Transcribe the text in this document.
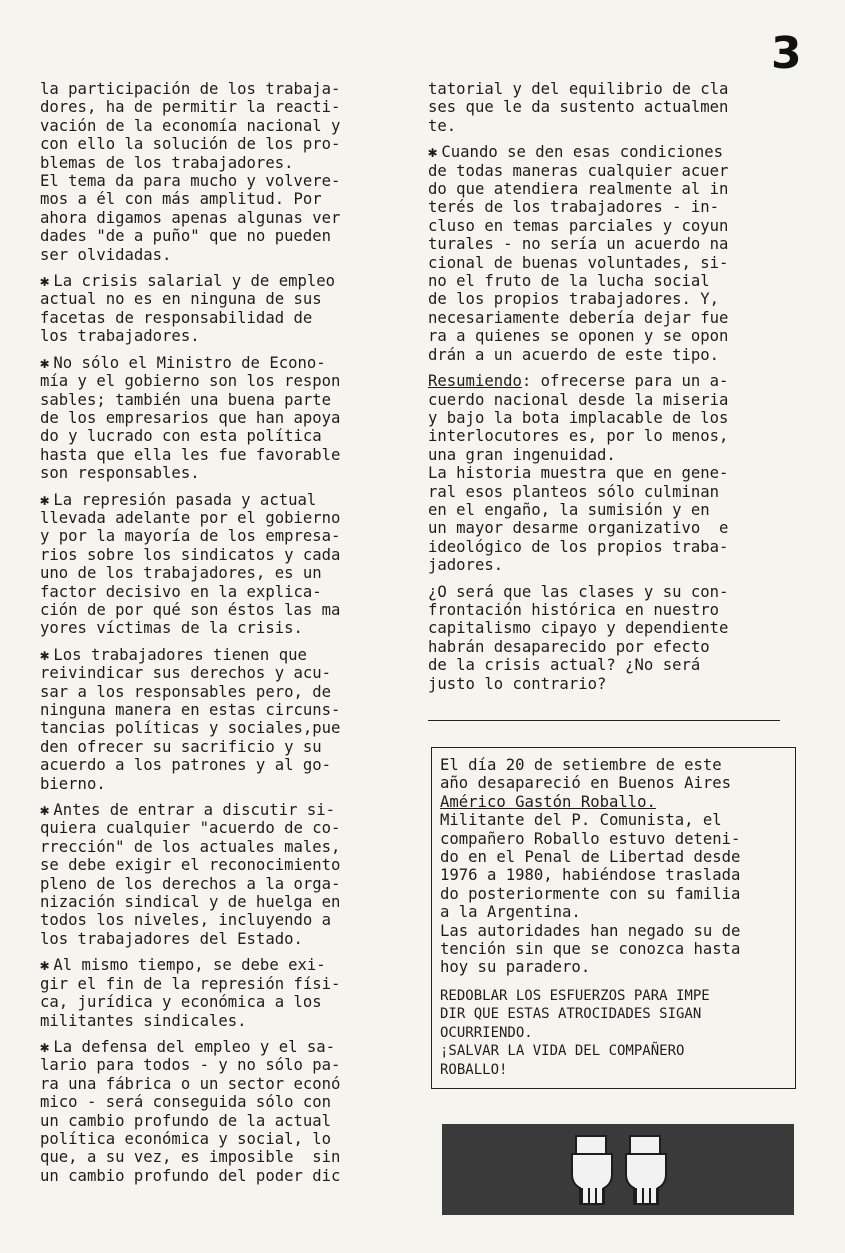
3

la participación de los trabaja-
dores, ha de permitir la reacti-
vación de la economía nacional y
con ello la solución de los pro-
blemas de los trabajadores.
El tema da para mucho y volvere-
mos a él con más amplitud. Por
ahora digamos apenas algunas ver
dades "de a puño" que no pueden
ser olvidadas.

✱ La crisis salarial y de empleo
actual no es en ninguna de sus
facetas de responsabilidad de
los trabajadores.

✱ No sólo el Ministro de Econo-
mía y el gobierno son los respon
sables; también una buena parte
de los empresarios que han apoya
do y lucrado con esta política
hasta que ella les fue favorable
son responsables.

✱ La represión pasada y actual
llevada adelante por el gobierno
y por la mayoría de los empresa-
rios sobre los sindicatos y cada
uno de los trabajadores, es un
factor decisivo en la explica-
ción de por qué son éstos las ma
yores víctimas de la crisis.

✱ Los trabajadores tienen que
reivindicar sus derechos y acu-
sar a los responsables pero, de
ninguna manera en estas circuns-
tancias políticas y sociales,pue
den ofrecer su sacrificio y su
acuerdo a los patrones y al go-
bierno.

✱ Antes de entrar a discutir si-
quiera cualquier "acuerdo de co-
rrección" de los actuales males,
se debe exigir el reconocimiento
pleno de los derechos a la orga-
nización sindical y de huelga en
todos los niveles, incluyendo a
los trabajadores del Estado.

✱ Al mismo tiempo, se debe exi-
gir el fin de la represión físi-
ca, jurídica y económica a los
militantes sindicales.

✱ La defensa del empleo y el sa-
lario para todos - y no sólo pa-
ra una fábrica o un sector econó
mico - será conseguida sólo con
un cambio profundo de la actual
política económica y social, lo
que, a su vez, es imposible  sin
un cambio profundo del poder dic

tatorial y del equilibrio de cla
ses que le da sustento actualmen
te.

✱ Cuando se den esas condiciones
de todas maneras cualquier acuer
do que atendiera realmente al in
terés de los trabajadores - in-
cluso en temas parciales y coyun
turales - no sería un acuerdo na
cional de buenas voluntades, si-
no el fruto de la lucha social
de los propios trabajadores. Y,
necesariamente debería dejar fue
ra a quienes se oponen y se opon
drán a un acuerdo de este tipo.

Resumiendo: ofrecerse para un a-
cuerdo nacional desde la miseria
y bajo la bota implacable de los
interlocutores es, por lo menos,
una gran ingenuidad.
La historia muestra que en gene-
ral esos planteos sólo culminan
en el engaño, la sumisión y en
un mayor desarme organizativo  e
ideológico de los propios traba-
jadores.

¿O será que las clases y su con-
frontación histórica en nuestro
capitalismo cipayo y dependiente
habrán desaparecido por efecto
de la crisis actual? ¿No será
justo lo contrario?

El día 20 de setiembre de este
año desapareció en Buenos Aires

Américo Gastón Roballo.

Militante del P. Comunista, el
compañero Roballo estuvo deteni-
do en el Penal de Libertad desde
1976 a 1980, habiéndose traslada
do posteriormente con su familia
a la Argentina.
Las autoridades han negado su de
tención sin que se conozca hasta
hoy su paradero.

REDOBLAR LOS ESFUERZOS PARA IMPE
DIR QUE ESTAS ATROCIDADES SIGAN
OCURRIENDO.
¡SALVAR LA VIDA DEL COMPAÑERO
ROBALLO!
